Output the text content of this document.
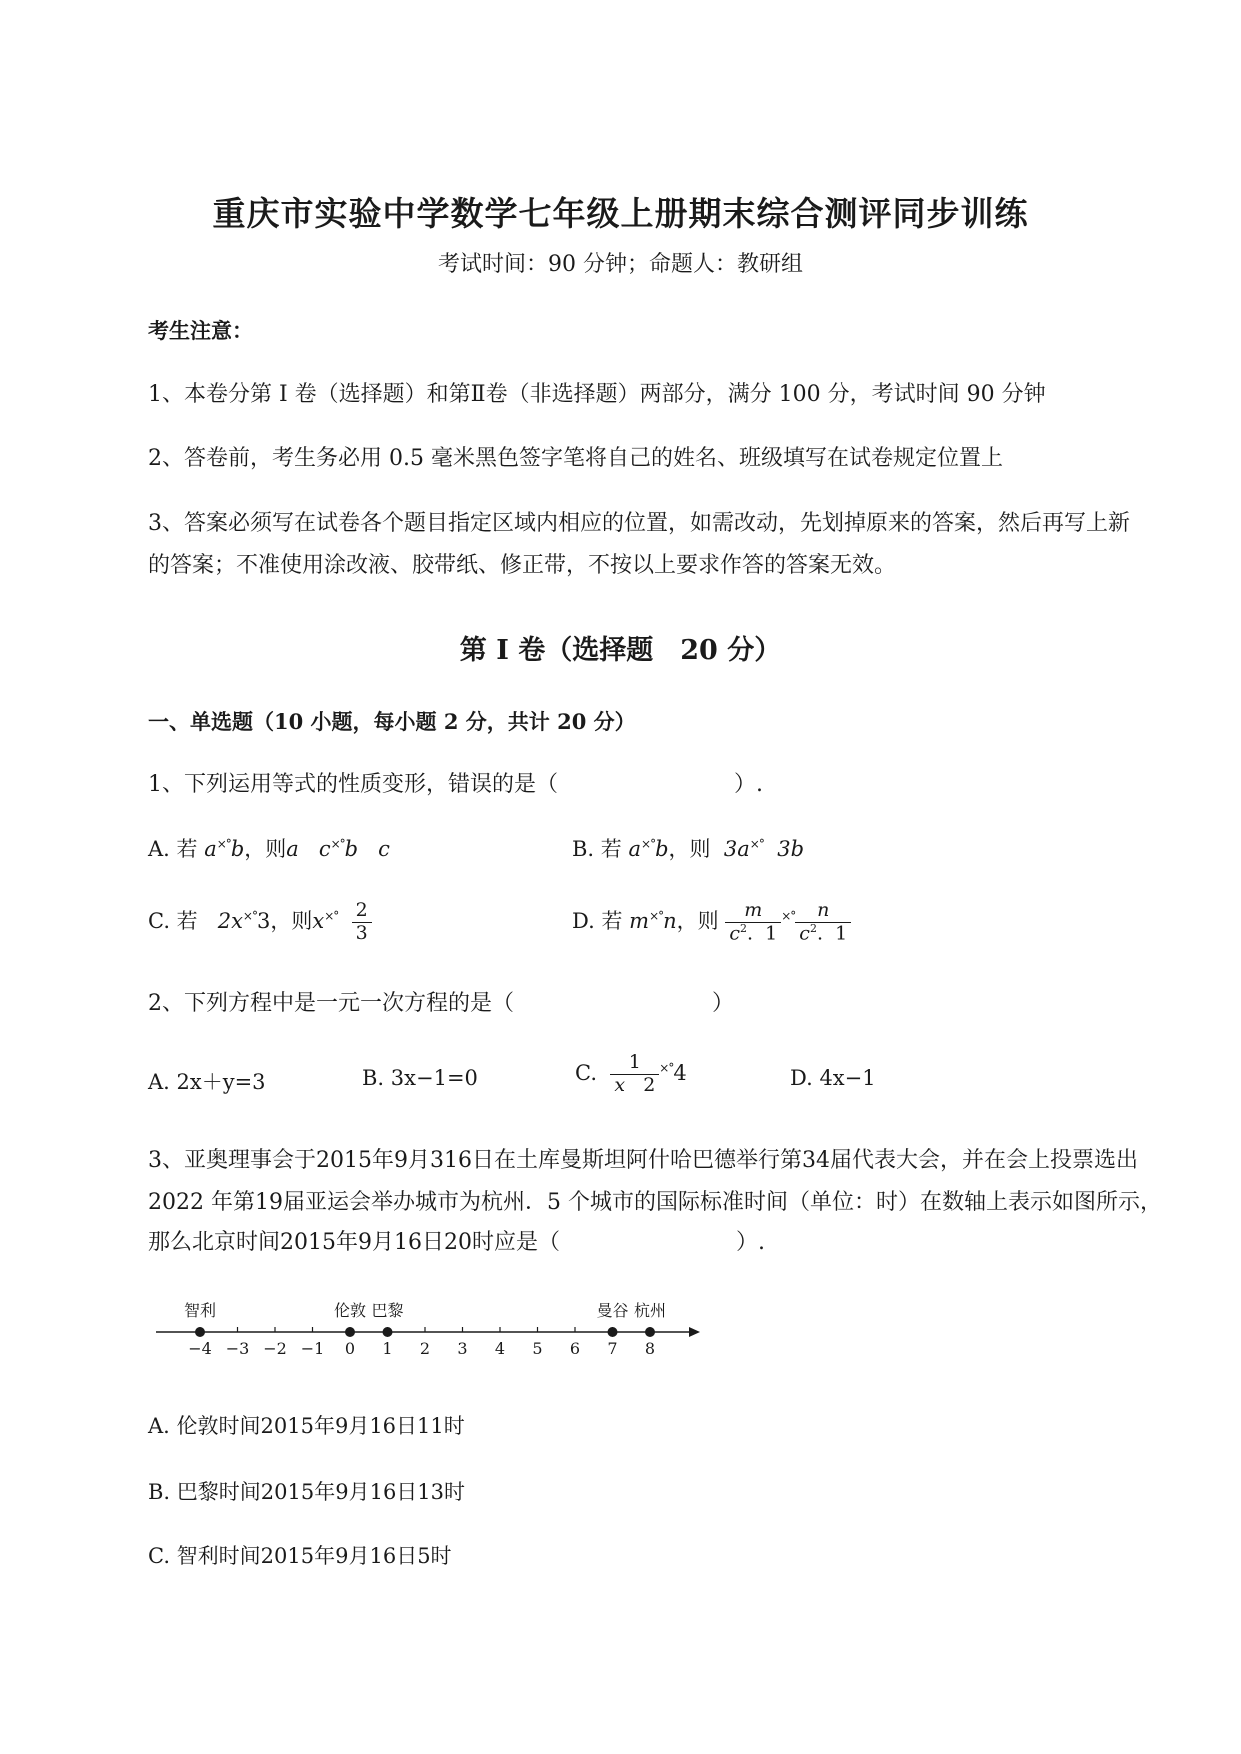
重庆市实验中学数学七年级上册期末综合测评同步训练
考试时间：90 分钟；命题人：教研组
考生注意：
1、本卷分第 I 卷（选择题）和第Ⅱ卷（非选择题）两部分，满分 100 分，考试时间 90 分钟
2、答卷前，考生务必用 0.5 毫米黑色签字笔将自己的姓名、班级填写在试卷规定位置上
3、答案必须写在试卷各个题目指定区域内相应的位置，如需改动，先划掉原来的答案，然后再写上新
的答案；不准使用涂改液、胶带纸、修正带，不按以上要求作答的答案无效。
第 I 卷（选择题　20 分）
一、单选题（10 小题，每小题 2 分，共计 20 分）
1、下列运用等式的性质变形，错误的是（　　　　　　　　）.
A. 若 a×°b，则a c×°b c	B. 若 a×°b，则 3a×° 3b
C. 若 2x×°3，则$x^{\times^\circ} \frac{2}{3}$	D. 若 m×°n，则 $\frac{m}{c^2. 1} ^{\times^\circ} \frac{n}{c^2. 1}$
2、下列方程中是一元一次方程的是（　　　　　　　　　）
A. 2x＋y=3	B. 3x−1=0	C. $\frac{1}{x 2} ^{\times^\circ}4$	D. 4x−1
3、亚奥理事会于2015年9月316日在土库曼斯坦阿什哈巴德举行第34届代表大会，并在会上投票选出
2022 年第19届亚运会举办城市为杭州．5 个城市的国际标准时间（单位：时）在数轴上表示如图所示，
那么北京时间2015年9月16日20时应是（　　　　　　　　）.
−4 −3 −2 −1 0 1 2 3 4 5 6 7 8
智利	伦敦 巴黎	曼谷 杭州
A. 伦敦时间2015年9月16日11时
B. 巴黎时间2015年9月16日13时
C. 智利时间2015年9月16日5时
